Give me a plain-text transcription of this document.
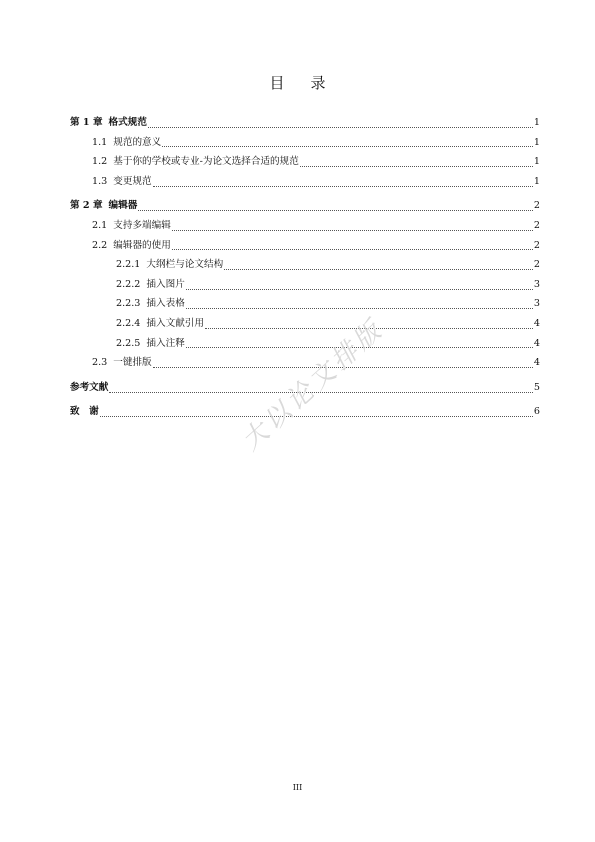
目录
第 1 章 格式规范	1
1.1 规范的意义	1
1.2 基于你的学校或专业-为论文选择合适的规范	1
1.3 变更规范	1
第 2 章 编辑器	2
2.1 支持多端编辑	2
2.2 编辑器的使用	2
2.2.1 大纲栏与论文结构	2
2.2.2 插入图片	3
2.2.3 插入表格	3
2.2.4 插入文献引用	4
2.2.5 插入注释	4
2.3 一键排版	4
参考文献	5
致　谢	6
大以论文排版
III
